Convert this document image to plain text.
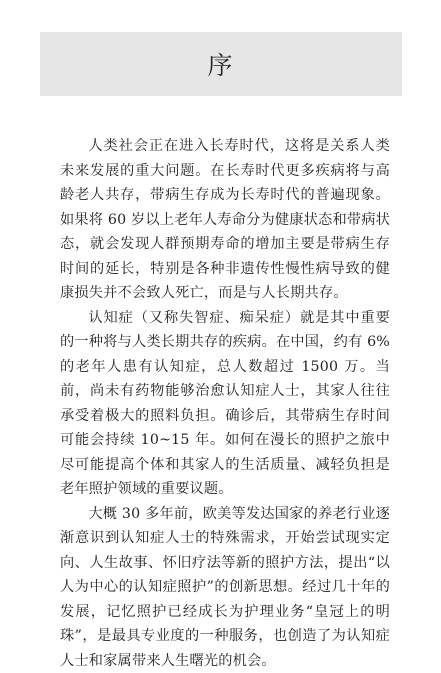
序

人类社会正在进入长寿时代，这将是关系人类未来发展的重大问题。在长寿时代更多疾病将与高龄老人共存，带病生存成为长寿时代的普遍现象。如果将 60 岁以上老年人寿命分为健康状态和带病状态，就会发现人群预期寿命的增加主要是带病生存时间的延长，特别是各种非遗传性慢性病导致的健康损失并不会致人死亡，而是与人长期共存。

认知症（又称失智症、痴呆症）就是其中重要的一种将与人类长期共存的疾病。在中国，约有 6% 的老年人患有认知症，总人数超过 1500 万。当前，尚未有药物能够治愈认知症人士，其家人往往承受着极大的照料负担。确诊后，其带病生存时间可能会持续 10~15 年。如何在漫长的照护之旅中尽可能提高个体和其家人的生活质量、减轻负担是老年照护领域的重要议题。

大概 30 多年前，欧美等发达国家的养老行业逐渐意识到认知症人士的特殊需求，开始尝试现实定向、人生故事、怀旧疗法等新的照护方法，提出“以人为中心的认知症照护”的创新思想。经过几十年的发展，记忆照护已经成长为护理业务“皇冠上的明珠”，是最具专业度的一种服务，也创造了为认知症人士和家属带来人生曙光的机会。
